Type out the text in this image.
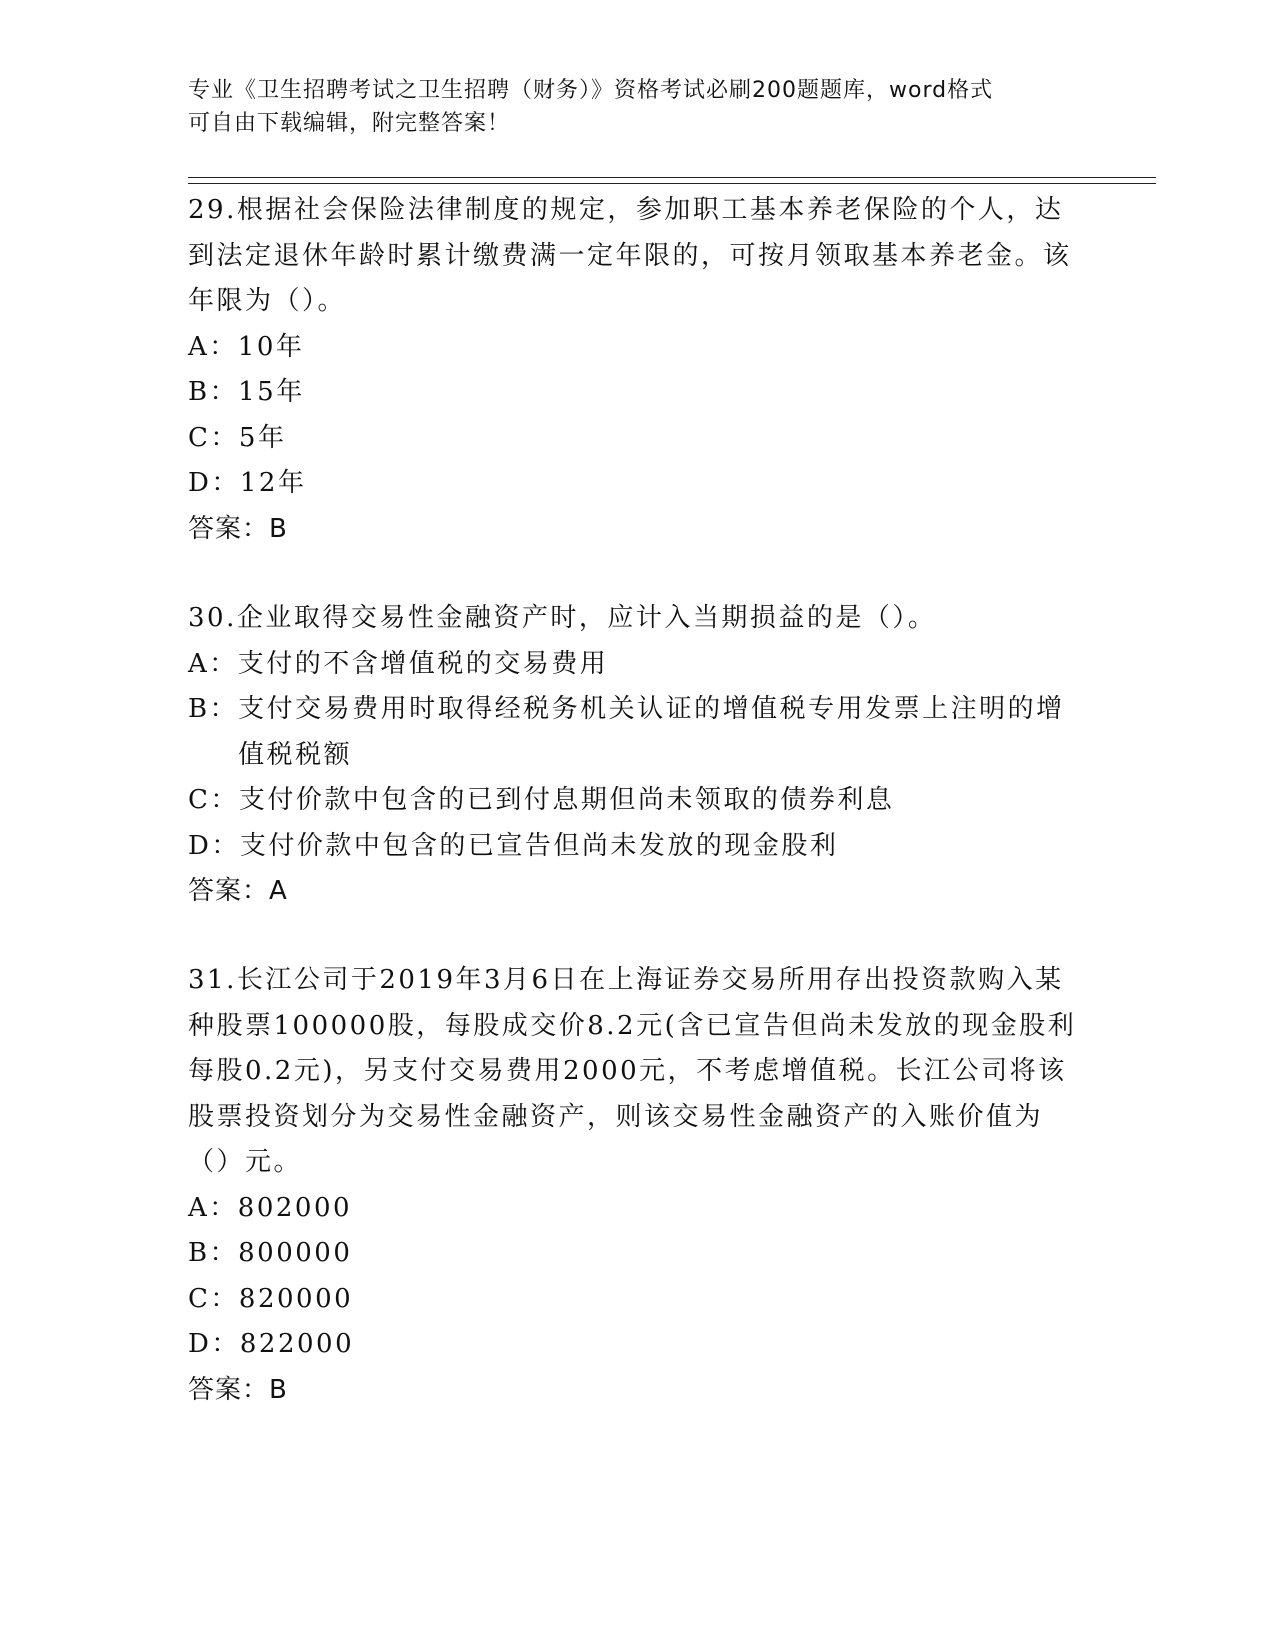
专业《卫生招聘考试之卫生招聘（财务）》资格考试必刷200题题库，word格式
可自由下载编辑，附完整答案！

29.根据社会保险法律制度的规定，参加职工基本养老保险的个人，达到法定退休年龄时累计缴费满一定年限的，可按月领取基本养老金。该年限为（）。

A： 10年

B： 15年

C： 5年

D： 12年

答案：B

30.企业取得交易性金融资产时，应计入当期损益的是（）。

A： 支付的不含增值税的交易费用

B： 支付交易费用时取得经税务机关认证的增值税专用发票上注明的增值税税额

C： 支付价款中包含的已到付息期但尚未领取的债券利息

D： 支付价款中包含的已宣告但尚未发放的现金股利

答案：A

31.长江公司于2019年3月6日在上海证券交易所用存出投资款购入某种股票100000股，每股成交价8.2元(含已宣告但尚未发放的现金股利每股0.2元)，另支付交易费用2000元，不考虑增值税。长江公司将该股票投资划分为交易性金融资产，则该交易性金融资产的入账价值为（）元。

A： 802000

B： 800000

C： 820000

D： 822000

答案：B
